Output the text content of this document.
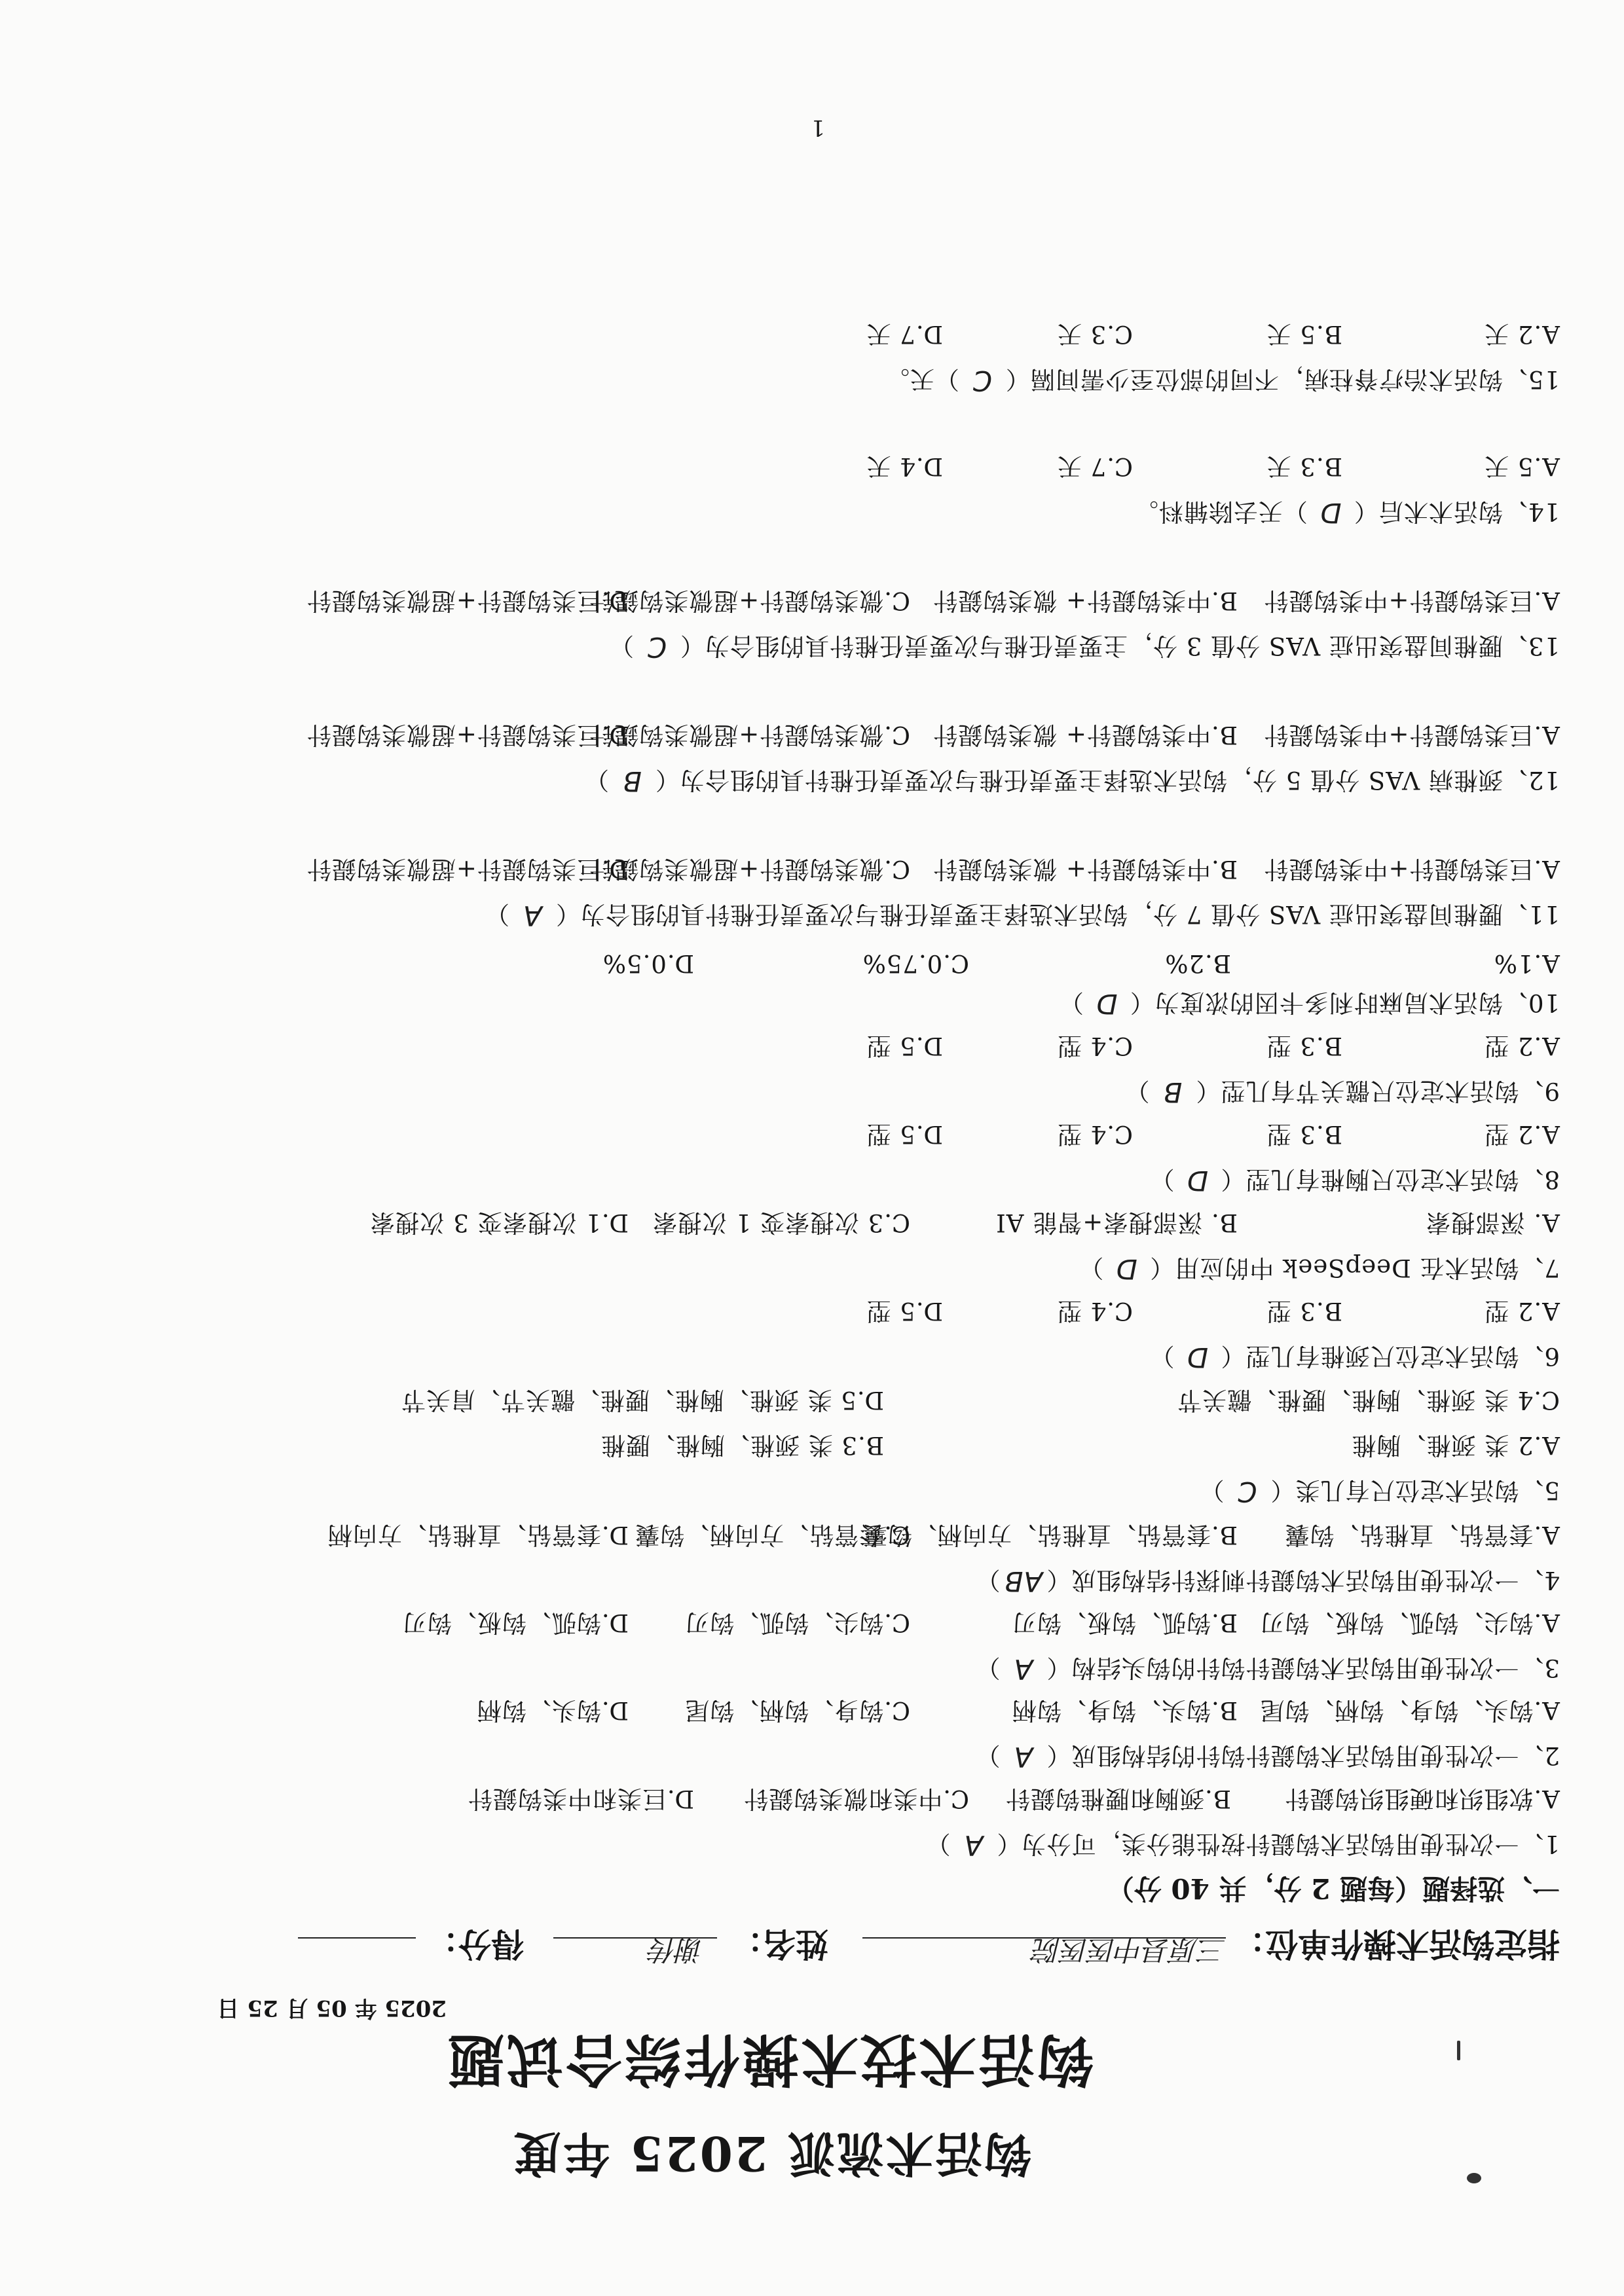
钩活术流派 2025 年度
钩活术技术操作综合试题
2025 年 05 月 25 日
指定钩活术操作单位：
三原县中医医院
姓名：
谢传
得分：
一、选择题（每题 2 分，共 40 分）
1、一次性使用钩活术钩鍉针按性能分类，可分为（A）
A.软组织和硬组织钩鍉针
B.颈胸和腰椎钩鍉针
C.中类和微类钩鍉针
D.巨类和中类钩鍉针
2、一次性使用钩活术钩鍉针钩针的结构组成（A）
A.钩头、钩身、钩柄、钩尾
B.钩头、钩身、钩柄
C.钩身、钩柄、钩尾
D.钩头、钩柄
3、一次性使用钩活术钩鍉针钩针的钩头结构（A）
A.钩尖、钩弧、钩板、钩刃
B.钩弧、钩板、钩刃
C.钩尖、钩弧、钩刃
D.钩弧、钩板、钩刃
4、一次性使用钩活术钩鍉针刺探针结构组成（AB）
A.套管钻、直椎钻、钩囊
B.套管钻、直椎钻、方向柄、钩囊
C.套管钻、方向柄、钩囊
D.套管钻、直椎钻、方向柄
5、钩活术定位尺有几类（C）
A.2 类 颈椎、胸椎
B.3 类 颈椎、胸椎、腰椎
C.4 类 颈椎、胸椎、腰椎、髋关节
D.5 类 颈椎、胸椎、腰椎、髋关节、肩关节
6、钩活术定位尺颈椎有几型（D）
A.2 型
B.3 型
C.4 型
D.5 型
7、钩活术在 DeepSeek 中的应用（D）
A. 深部搜索
B. 深部搜索+智能 AI
C.3 次搜索变 1 次搜索
D.1 次搜索变 3 次搜索
8、钩活术定位尺胸椎有几型（D）
A.2 型
B.3 型
C.4 型
D.5 型
9、钩活术定位尺髋关节有几型（B）
A.2 型
B.3 型
C.4 型
D.5 型
10、钩活术局麻时利多卡因的浓度为（D）
A.1%
B.2%
C.0.75%
D.0.5%
11、腰椎间盘突出症 VAS 分值 7 分，钩活术选择主要责任椎与次要责任椎针具的组合为（A）
A.巨类钩鍉针+中类钩鍉针
B.中类钩鍉针+ 微类钩鍉针
C.微类钩鍉针+超微类钩鍉针
D.巨类钩鍉针+超微类钩鍉针
12、颈椎病 VAS 分值 5 分，钩活术选择主要责任椎与次要责任椎针具的组合为（B）
A.巨类钩鍉针+中类钩鍉针
B.中类钩鍉针+ 微类钩鍉针
C.微类钩鍉针+超微类钩鍉针
D.巨类钩鍉针+超微类钩鍉针
13、腰椎间盘突出症 VAS 分值 3 分，主要责任椎与次要责任椎针具的组合为（C）
A.巨类钩鍉针+中类钩鍉针
B.中类钩鍉针+ 微类钩鍉针
C.微类钩鍉针+超微类钩鍉针
D.巨类钩鍉针+超微类钩鍉针
14、钩活术术后（D）天去除辅料。
A.5 天
B.3 天
C.7 天
D.4 天
15、钩活术治疗脊柱病，不同的部位至少需间隔（C）天。
A.2 天
B.5 天
C.3 天
D.7 天
1
